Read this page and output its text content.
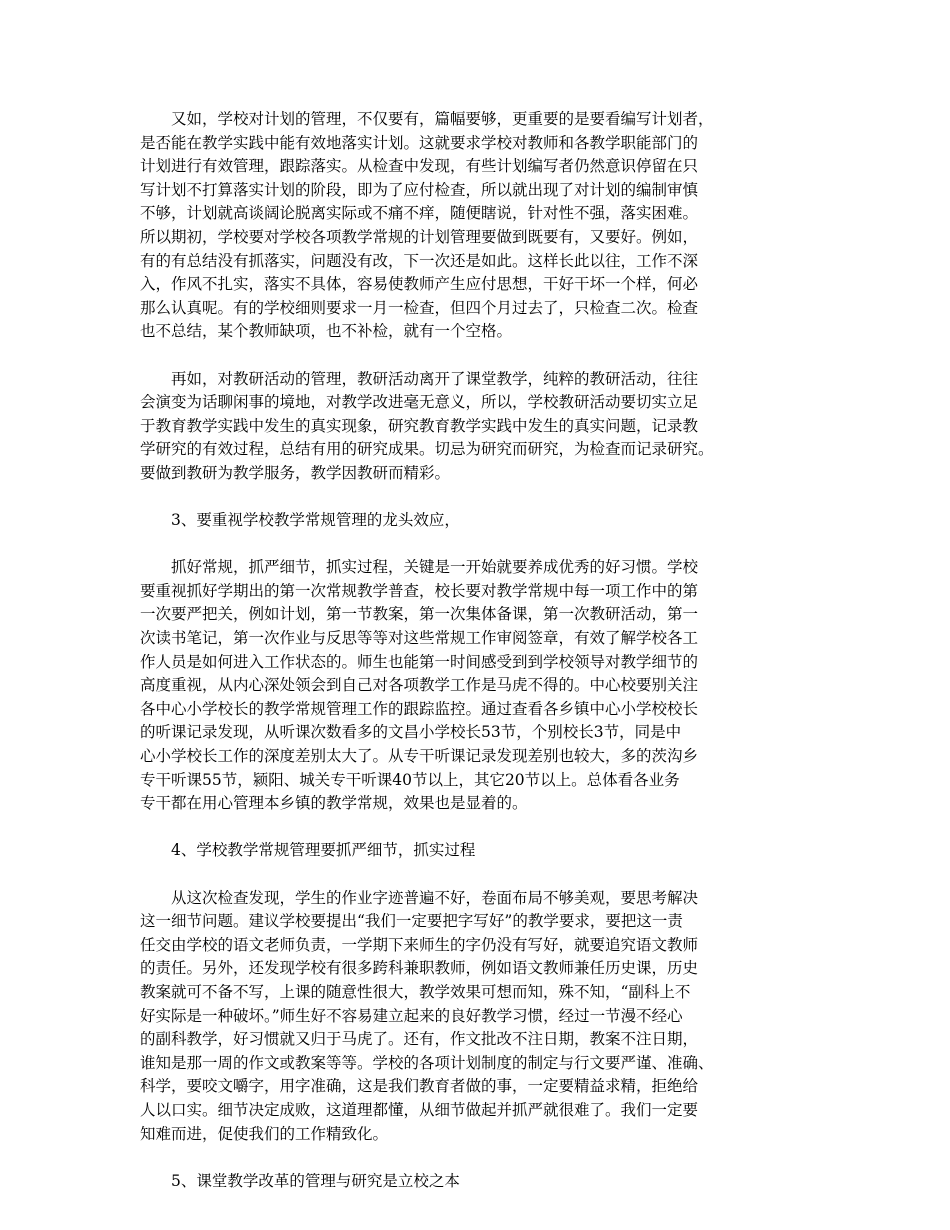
又如，学校对计划的管理，不仅要有，篇幅要够，更重要的是要看编写计划者，
是否能在教学实践中能有效地落实计划。这就要求学校对教师和各教学职能部门的
计划进行有效管理，跟踪落实。从检查中发现，有些计划编写者仍然意识停留在只
写计划不打算落实计划的阶段，即为了应付检查，所以就出现了对计划的编制审慎
不够，计划就高谈阔论脱离实际或不痛不痒，随便瞎说，针对性不强，落实困难。
所以期初，学校要对学校各项教学常规的计划管理要做到既要有，又要好。例如，
有的有总结没有抓落实，问题没有改，下一次还是如此。这样长此以往，工作不深
入，作风不扎实，落实不具体，容易使教师产生应付思想，干好干坏一个样，何必
那么认真呢。有的学校细则要求一月一检查，但四个月过去了，只检查二次。检查
也不总结，某个教师缺项，也不补检，就有一个空格。

再如，对教研活动的管理，教研活动离开了课堂教学，纯粹的教研活动，往往
会演变为话聊闲事的境地，对教学改进毫无意义，所以，学校教研活动要切实立足
于教育教学实践中发生的真实现象，研究教育教学实践中发生的真实问题，记录教
学研究的有效过程，总结有用的研究成果。切忌为研究而研究，为检查而记录研究。
要做到教研为教学服务，教学因教研而精彩。

3、要重视学校教学常规管理的龙头效应，

抓好常规，抓严细节，抓实过程，关键是一开始就要养成优秀的好习惯。学校
要重视抓好学期出的第一次常规教学普查，校长要对教学常规中每一项工作中的第
一次要严把关，例如计划，第一节教案，第一次集体备课，第一次教研活动，第一
次读书笔记，第一次作业与反思等等对这些常规工作审阅签章，有效了解学校各工
作人员是如何进入工作状态的。师生也能第一时间感受到到学校领导对教学细节的
高度重视，从内心深处领会到自己对各项教学工作是马虎不得的。中心校要别关注
各中心小学校长的教学常规管理工作的跟踪监控。通过查看各乡镇中心小学校校长
的听课记录发现，从听课次数看多的文昌小学校长53节，个别校长3节，同是中
心小学校长工作的深度差别太大了。从专干听课记录发现差别也较大，多的茨沟乡
专干听课55节，颍阳、城关专干听课40节以上，其它20节以上。总体看各业务
专干都在用心管理本乡镇的教学常规，效果也是显着的。

4、学校教学常规管理要抓严细节，抓实过程

从这次检查发现，学生的作业字迹普遍不好，卷面布局不够美观，要思考解决
这一细节问题。建议学校要提出“我们一定要把字写好”的教学要求，要把这一责
任交由学校的语文老师负责，一学期下来师生的字仍没有写好，就要追究语文教师
的责任。另外，还发现学校有很多跨科兼职教师，例如语文教师兼任历史课，历史
教案就可不备不写，上课的随意性很大，教学效果可想而知，殊不知，“副科上不
好实际是一种破坏。”师生好不容易建立起来的良好教学习惯，经过一节漫不经心
的副科教学，好习惯就又归于马虎了。还有，作文批改不注日期，教案不注日期，
谁知是那一周的作文或教案等等。学校的各项计划制度的制定与行文要严谨、准确、
科学，要咬文嚼字，用字准确，这是我们教育者做的事，一定要精益求精，拒绝给
人以口实。细节决定成败，这道理都懂，从细节做起并抓严就很难了。我们一定要
知难而进，促使我们的工作精致化。

5、课堂教学改革的管理与研究是立校之本
